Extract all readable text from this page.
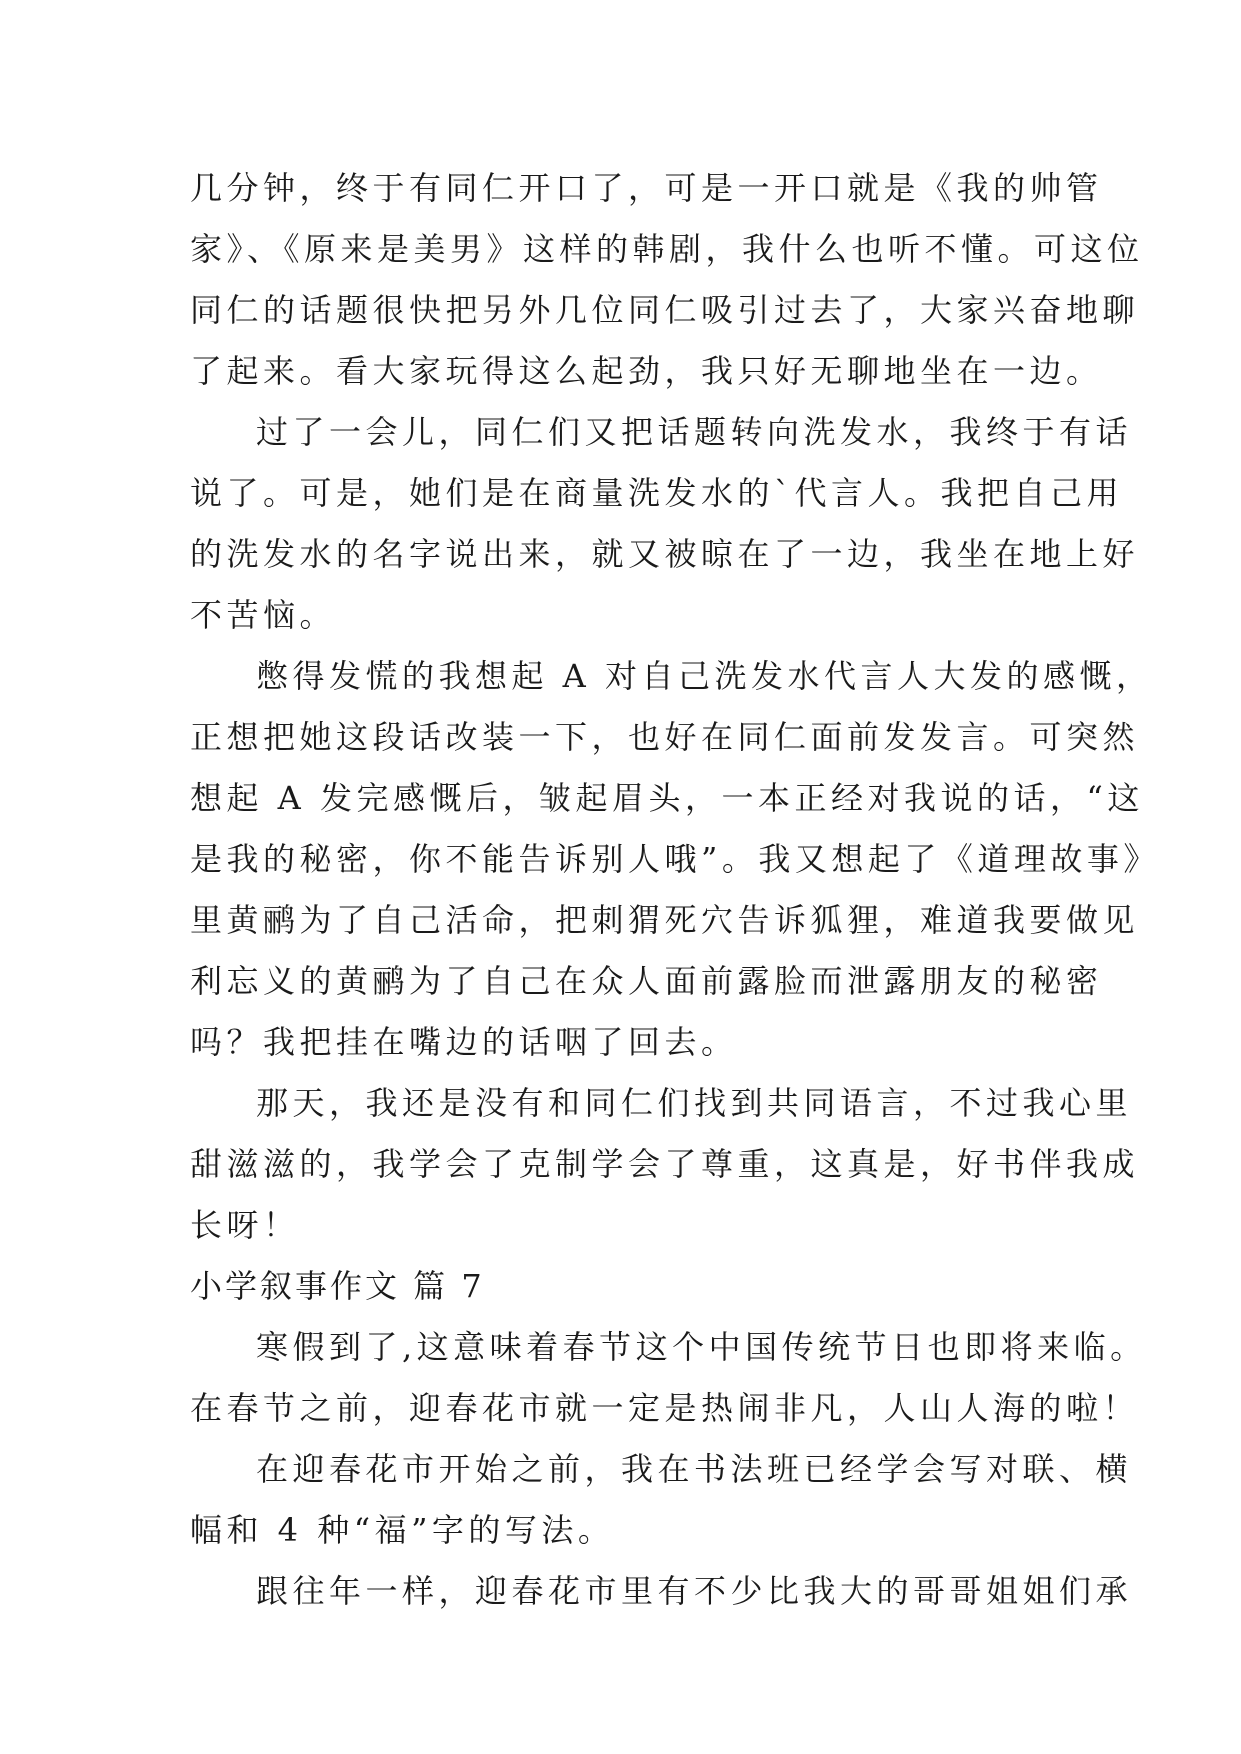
几分钟，终于有同仁开口了，可是一开口就是《我的帅管
家》、《原来是美男》这样的韩剧，我什么也听不懂。可这位
同仁的话题很快把另外几位同仁吸引过去了，大家兴奋地聊
了起来。看大家玩得这么起劲，我只好无聊地坐在一边。
过了一会儿，同仁们又把话题转向洗发水，我终于有话
说了。可是，她们是在商量洗发水的`代言人。我把自己用
的洗发水的名字说出来，就又被晾在了一边，我坐在地上好
不苦恼。
憋得发慌的我想起 A 对自己洗发水代言人大发的感慨，
正想把她这段话改装一下，也好在同仁面前发发言。可突然
想起 A 发完感慨后，皱起眉头，一本正经对我说的话，“这
是我的秘密，你不能告诉别人哦”。我又想起了《道理故事》
里黄鹂为了自己活命，把刺猬死穴告诉狐狸，难道我要做见
利忘义的黄鹂为了自己在众人面前露脸而泄露朋友的秘密
吗？我把挂在嘴边的话咽了回去。
那天，我还是没有和同仁们找到共同语言，不过我心里
甜滋滋的，我学会了克制学会了尊重，这真是，好书伴我成
长呀！
小学叙事作文 篇 7
寒假到了,这意味着春节这个中国传统节日也即将来临。
在春节之前，迎春花市就一定是热闹非凡，人山人海的啦！
在迎春花市开始之前，我在书法班已经学会写对联、横
幅和 4 种“福”字的写法。
跟往年一样，迎春花市里有不少比我大的哥哥姐姐们承
